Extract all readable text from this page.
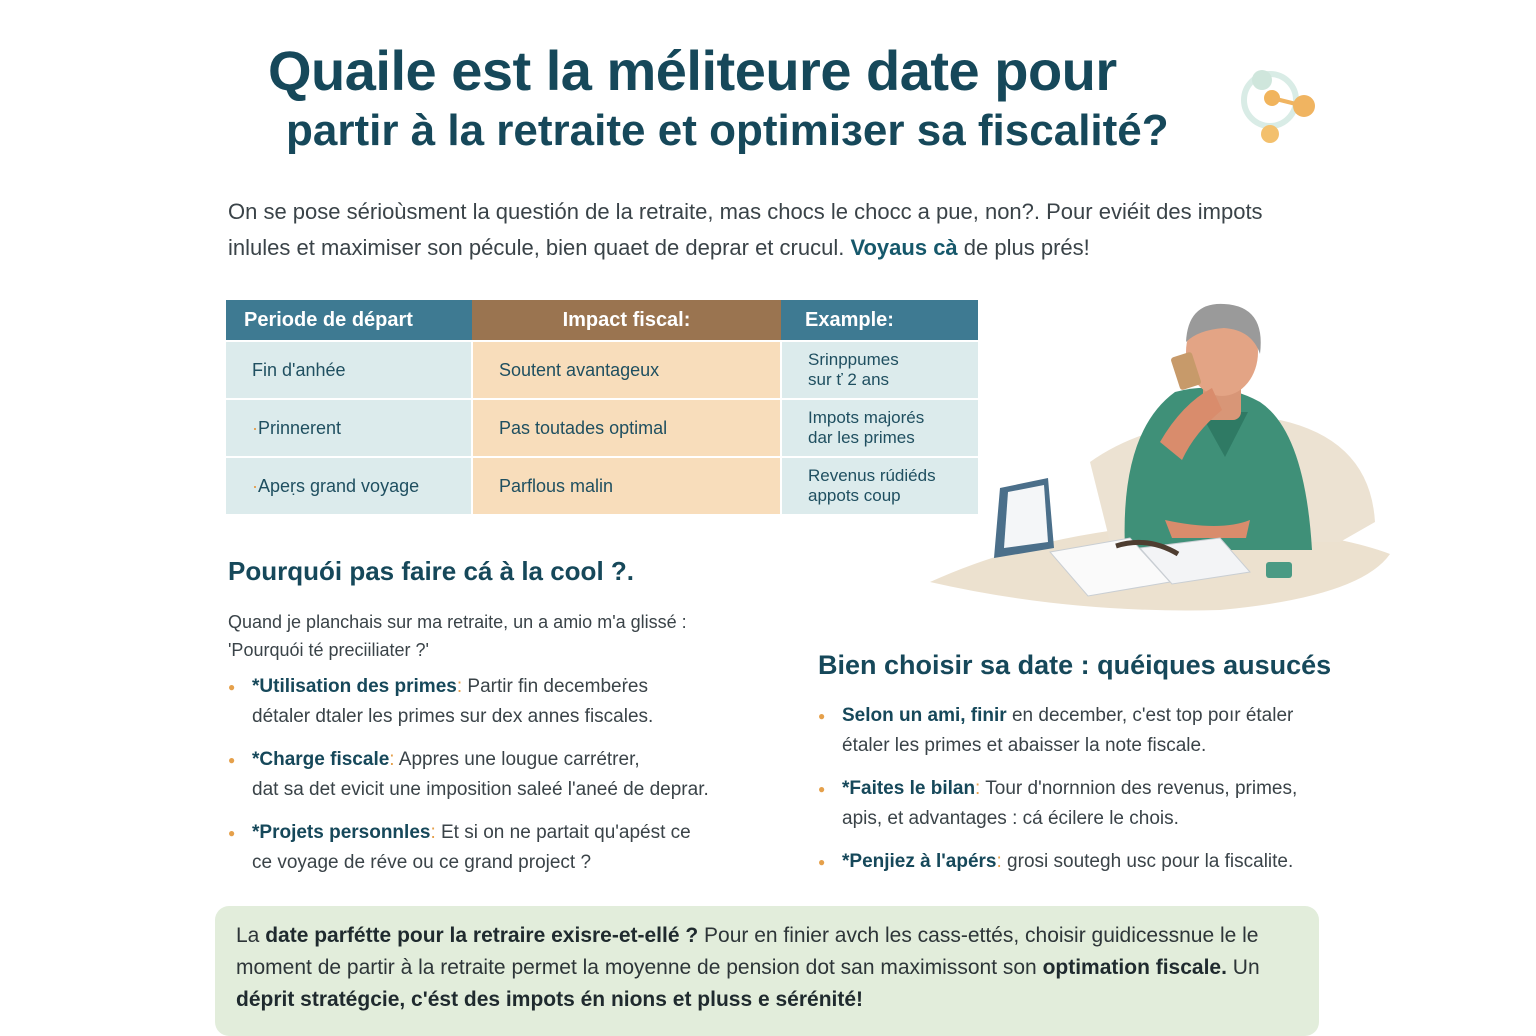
Quaile est la méliteure date pour
partir à la retraite et optimiзer sa fiscalité?
On se pose sérioùsment la questión de la retraite, mas chocs le chocc a pue, non?. Pour eviéit des impots inlules et maximiser son pécule, bien quaet de deprar et crucul. Voyaus cà de plus prés!
Periode de départ	Impact fiscal:	Example:
Fin d'anhée	Soutent avantageux	Srinppumes
sur ť 2 ans
·Prinnerent	Pas toutades optimal	Impots majorés
dar les primes
·Apeṛs grand voyage	Parflous malin	Revenus rúdiéds
appots coup
Pourquói pas faire cá à la cool ?.
Quand je planchais sur ma retraite, un a amio m'a glissé :
'Pourquói té preciiliater ?'
● *Utilisation des primes: Partir fin decembeṙes
détaler dtaler les primes sur dex annes fiscales.
● *Charge fiscale: Appres une lougue carrétrer,
dat sa det evicit une imposition saleé l'aneé de deprar.
● *Projets personnles: Et si on ne partait qu'apést ce
ce voyage de réve ou ce grand project ?
Bien choisir sa date : quéiques ausucés
● Selon un ami, finir en december, c'est top poır étaler
étaler les primes et abaisser la note fiscale.
● *Faites le bilan: Tour d'nornnion des revenus, primes,
apis, et advantages : cá écilere le chois.
● *Penjiez à l'apérs: grosi soutegh usc pour la fiscalite.

La date parfétte pour la retraire exisre-et-ellé ? Pour en finier avch les cass-ettés, choisir guidicessnue le le moment de partir à la retraite permet la moyenne de pension dot san maximissont son optimation fiscale. Un déprit stratégcie, c'ést des impots én nions et pluss e sérénité!
